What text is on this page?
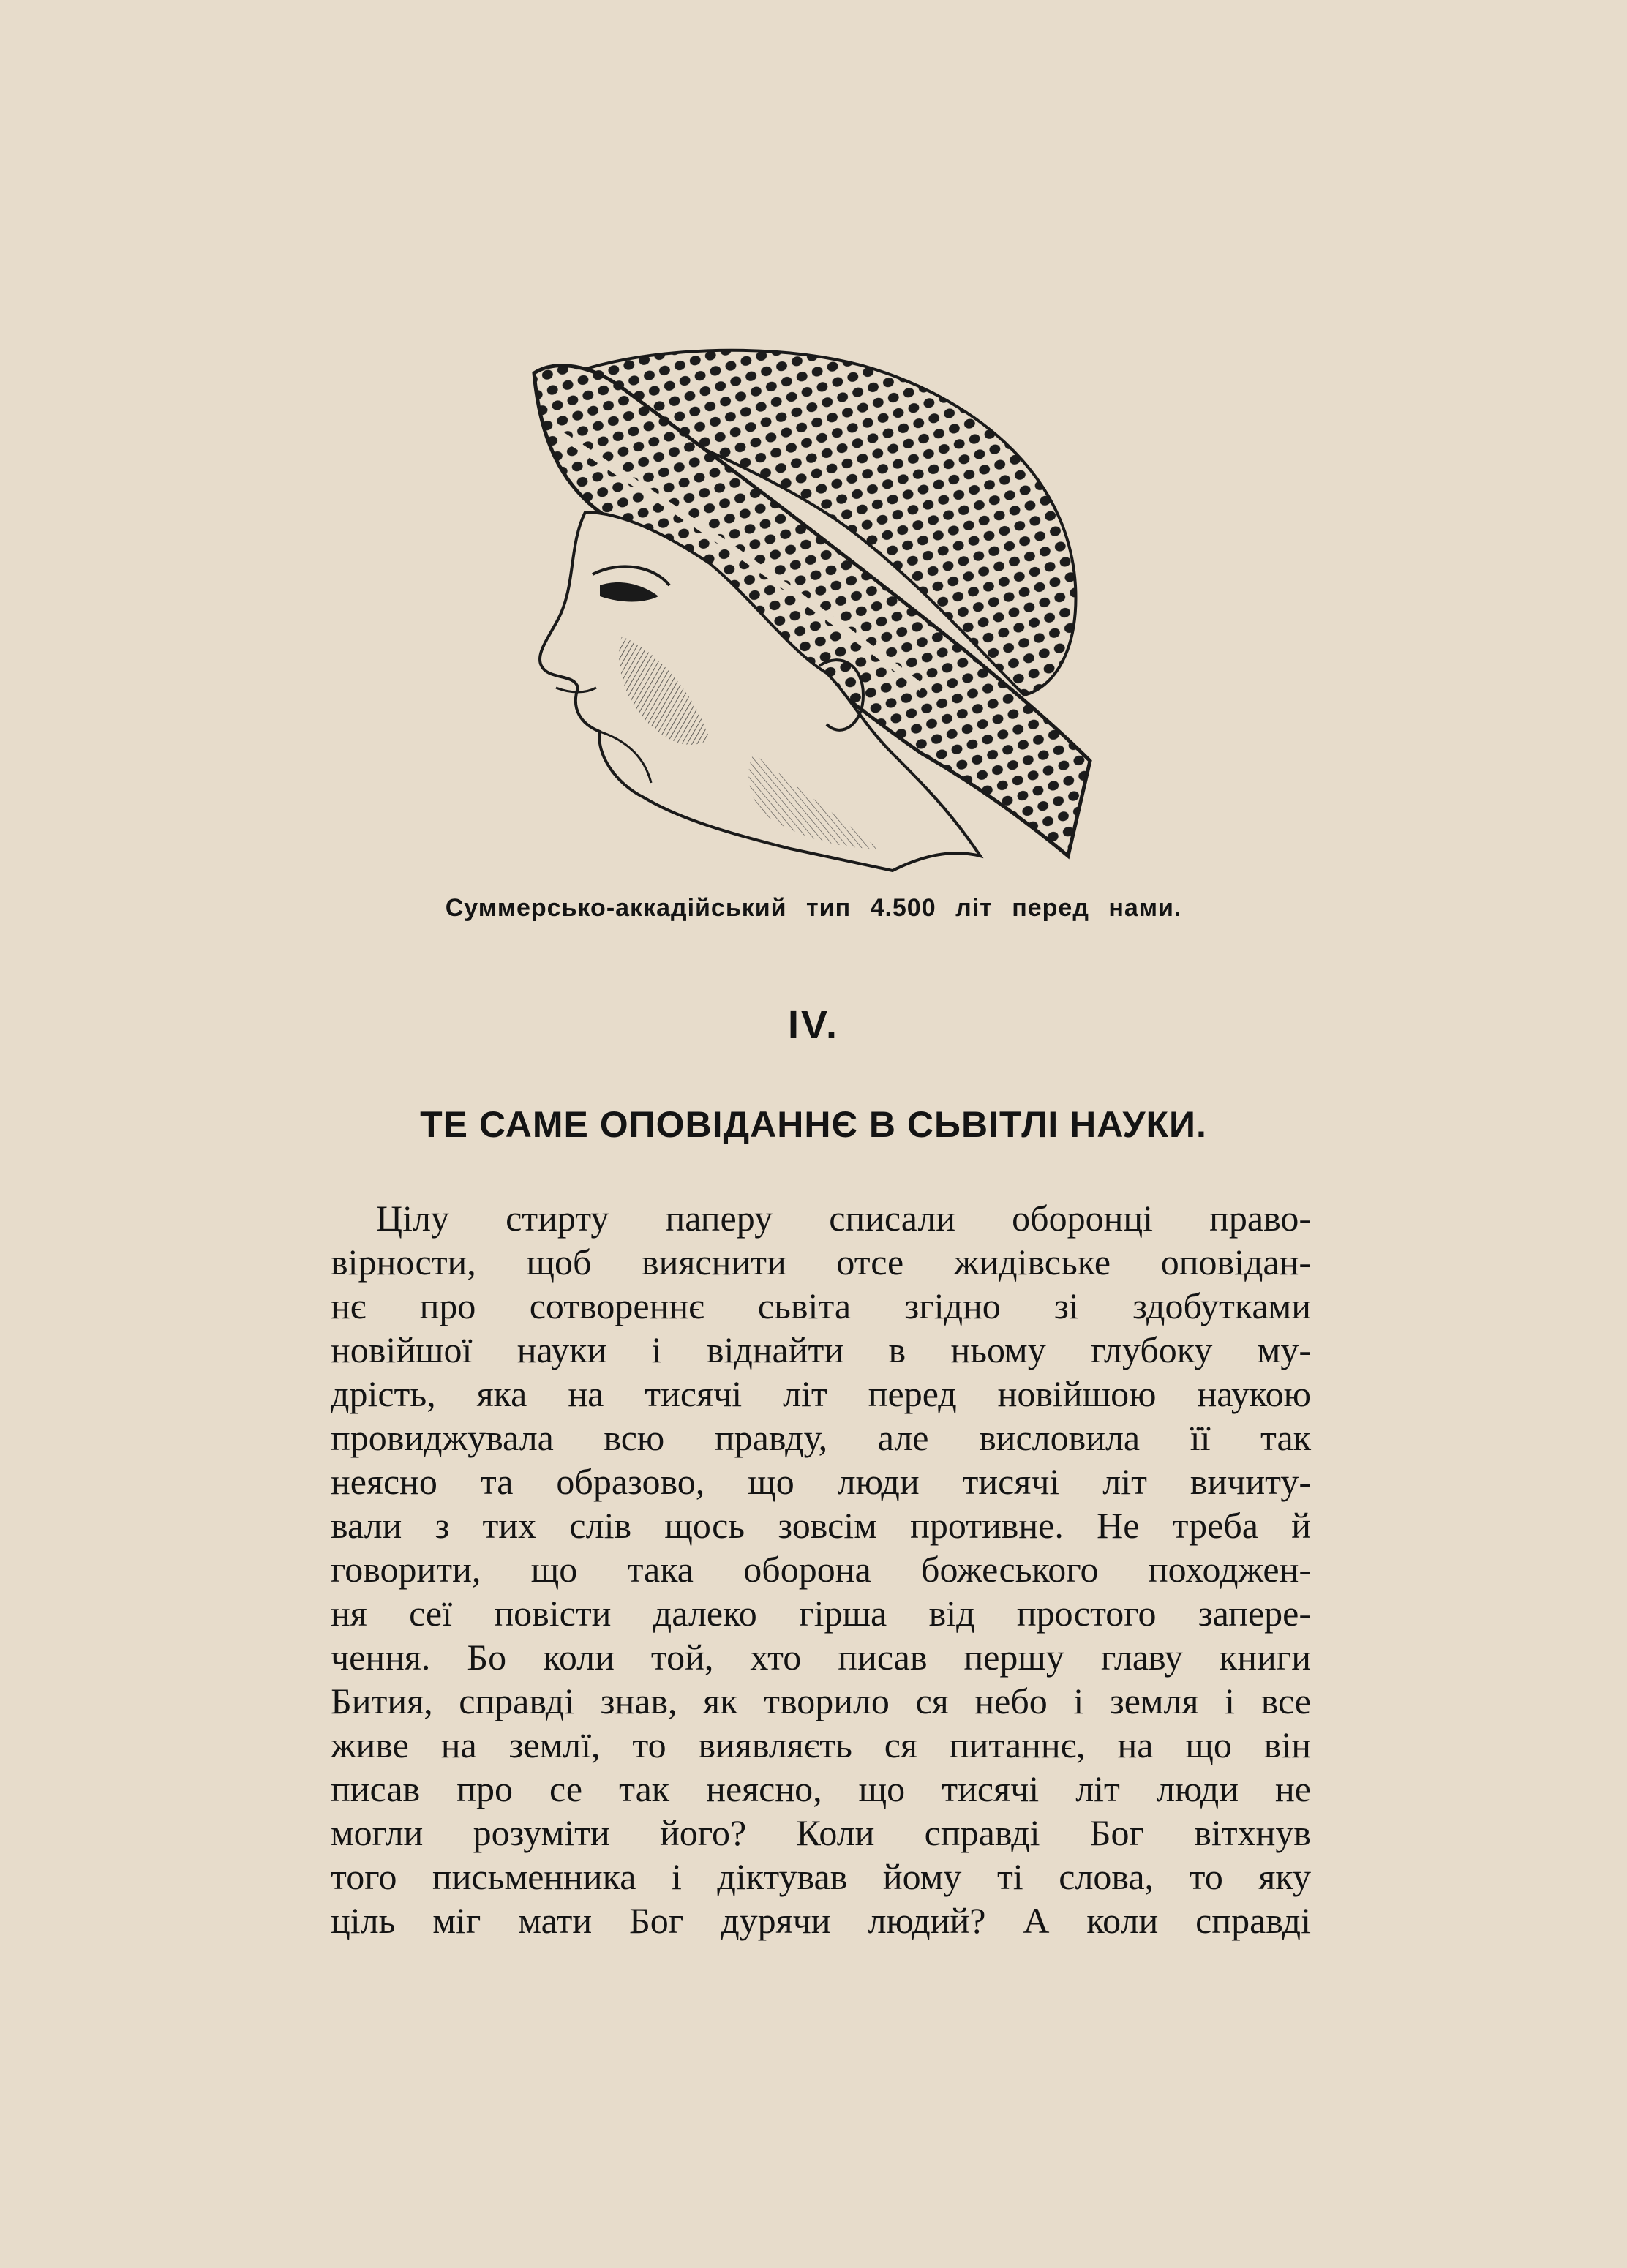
Суммерсько-аккадійський тип 4.500 літ перед нами.
IV.
ТЕ САМЕ ОПОВІДАННЄ В СЬВІТЛІ НАУКИ.
Цілу стирту паперу списали оборонці право-
вірности, щоб вияснити отсе жидівське оповідан-
нє про сотвореннє сьвіта згідно зі здобутками
новійшої науки і віднайти в ньому глубоку му-
дрість, яка на тисячі літ перед новійшою наукою
провиджувала всю правду, але висловила її так
неясно та образово, що люди тисячі літ вичиту-
вали з тих слів щось зовсім противне. Не треба й
говорити, що така оборона божеського походжен-
ня сеї повісти далеко гірша від простого запере-
чення. Бо коли той, хто писав першу главу книги
Бития, справді знав, як творило ся небо і земля і все
живе на землї, то виявляєть ся питаннє, на що він
писав про се так неясно, що тисячі літ люди не
могли розуміти його? Коли справді Бог вітхнув
того письменника і діктував йому ті слова, то яку
ціль міг мати Бог дурячи людий? А коли справді
